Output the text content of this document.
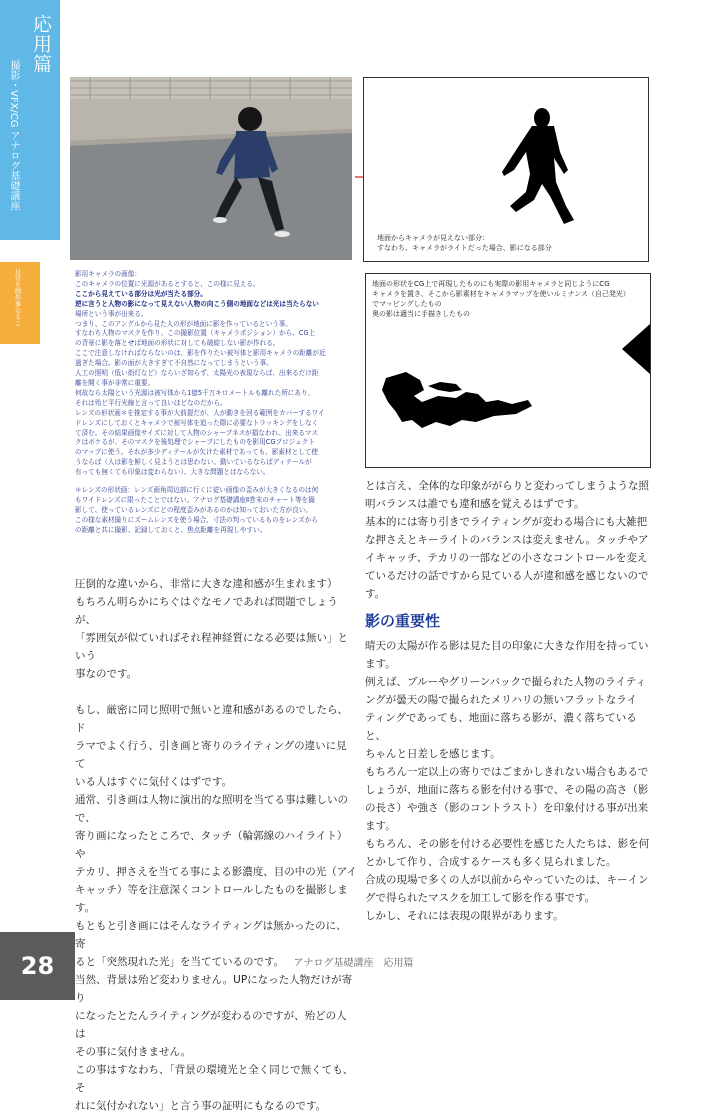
応用篇
撮影・VFX/CG アナログ基礎講座
日常を画作事なるこ
地面からキャメラが見えない部分：
すなわち、キャメラがライトだった場合、影になる部分
地面の形状をCG上で再現したものにも実際の影用キャメラと同じようにCG
キャメラを置き、そこから影素材をキャメラマップを使いルミナンス（自己発光）
でマッピングしたもの
奥の影は適当に手描きしたもの

影用キャメラの画像：

このキャメラの位置に光源があるとすると、この様に見える。

ここから見えている部分は光が当たる部分。

逆に言うと人物の影になって見えない人物の向こう側の地面などは光は当たらない

場所という事が出来る。

つまり、このアングルから見た人の形が地面に影を作っているという事。

すなわち人物のマスクを作り、この撮影位置（キャメラポジション）から、CG上

の背景に影を落とせば地面の形状に対しても破綻しない影が作れる。

ここで注意しなければならないのは、影を作りたい被写体と影用キャメラの距離が近

過ぎた場合。影の面が大きすぎて不自然になってしまうという事。

人工の照明（低い街灯など）ならいざ知らず、太陽光の表現ならば、出来るだけ距

離を開く事が非常に重要。

何故なら太陽という光源は被写体から1億5千万キロメートルも離れた所にあり、

それは殆ど平行光線と言って良いほどなのだから。

レンズの形状画＊を推定する事が大前提だが、人が動きを回る範囲をカバーするワイ

ドレンズにしておくとキャメラで被写体を追った際に必要なトラッキングをしなく

て済む。その結果画像サイズに対して人物のシャープネスが損なわれ、出来るマス

クはボケるが、そのマスクを後処理でシャープにしたものを影用CGプロジェクト

のマップに使う。それが多少ディテールが欠けた素材であっても、影素材として使

うならば（人は影を鮮しく見ようとは思わない。動いているならばディテールが

有っても無くても印象は変わらない）、大きな問題とはならない。

＊レンズの形状画：レンズ画角周辺部に行くに従い画像の歪みが大きくなるのは何

もワイドレンズに限ったことではない。アナログ基礎講座Ⅱ巻末のチャート等を撮

影して、使っているレンズにどの程度歪みがあるのかは知っておいた方が良い。

この様な素材撮りにズームレンズを使う場合、寸法の判っているものをレンズから

の距離と共に撮影、記録しておくと、焦点距離を再現しやすい。

圧倒的な違いから、非常に大きな違和感が生まれます）

もちろん明らかにちぐはぐなモノであれば問題でしょうが、

「雰囲気が似ていればそれ程神経質になる必要は無い」という

事なのです。

もし、厳密に同じ照明で無いと違和感があるのでしたら、ド

ラマでよく行う、引き画と寄りのライティングの違いに見て

いる人はすぐに気付くはずです。

通常、引き画は人物に演出的な照明を当てる事は難しいので、

寄り画になったところで、タッチ（輪郭線のハイライト）や

テカリ、押さえを当てる事による影濃度、目の中の光（アイ

キャッチ）等を注意深くコントロールしたものを撮影します。

もともと引き画にはそんなライティングは無かったのに、寄

ると「突然現れた光」を当てているのです。

当然、背景は殆ど変わりません。UPになった人物だけが寄り

になったとたんライティングが変わるのですが、殆どの人は

その事に気付きません。

この事はすなわち、「背景の環境光と全く同じで無くても、そ

れに気付かれない」と言う事の証明にもなるのです。

とは言え、全体的な印象ががらりと変わってしまうような照

明バランスは誰でも違和感を覚えるはずです。

基本的には寄り引きでライティングが変わる場合にも大雑把

な押さえとキーライトのバランスは変えません。タッチやア

イキャッチ、テカリの一部などの小さなコントロールを変え

ているだけの話ですから見ている人が違和感を感じないので

す。

影の重要性

晴天の太陽が作る影は見た目の印象に大きな作用を持ってい

ます。

例えば、ブルーやグリーンバックで撮られた人物のライティ

ングが曇天の陽で撮られたメリハリの無いフラットなライ

ティングであっても、地面に落ちる影が、濃く落ちていると、

ちゃんと日差しを感じます。

もちろん一定以上の寄りではごまかしきれない場合もあるで

しょうが、地面に落ちる影を付ける事で、その陽の高さ（影

の長さ）や強さ（影のコントラスト）を印象付ける事が出来

ます。

もちろん、その影を付ける必要性を感じた人たちは、影を何

とかして作り、合成するケースも多く見られました。

合成の現場で多くの人が以前からやっていたのは、キーイン

グで得られたマスクを加工して影を作る事です。

しかし、それには表現の限界があります。

28	アナログ基礎講座　応用篇
